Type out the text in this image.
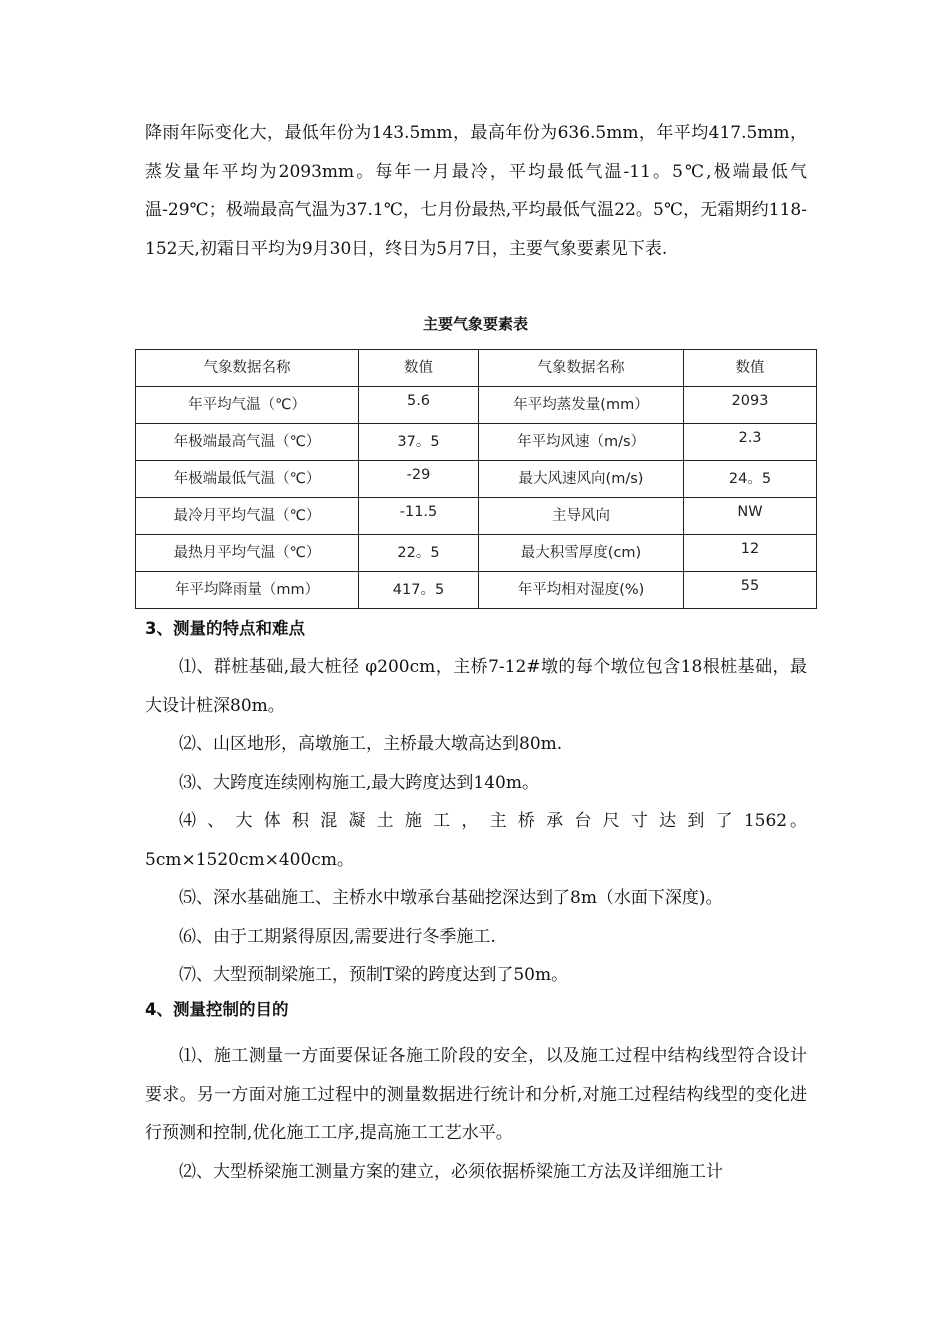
降雨年际变化大，最低年份为143.5mm，最高年份为636.5mm，年平均417.5mm，蒸发量年平均为2093mm。每年一月最冷，平均最低气温-11。5℃,极端最低气温-29℃；极端最高气温为37.1℃，七月份最热,平均最低气温22。5℃，无霜期约118-152天,初霜日平均为9月30日，终日为5月7日，主要气象要素见下表.

主要气象要素表
气象数据名称	数值	气象数据名称	数值
年平均气温（℃）	5.6	年平均蒸发量(mm）	2093
年极端最高气温（℃）	37。5	年平均风速（m/s）	2.3
年极端最低气温（℃）	-29	最大风速风向(m/s)	24。5
最冷月平均气温（℃）	-11.5	主导风向	NW
最热月平均气温（℃）	22。5	最大积雪厚度(cm)	12
年平均降雨量（mm）	417。5	年平均相对湿度(%)	55
3、测量的特点和难点

⑴、群桩基础,最大桩径 φ200cm，主桥7-12#墩的每个墩位包含18根桩基础，最大设计桩深80m。

⑵、山区地形，高墩施工，主桥最大墩高达到80m.

⑶、大跨度连续刚构施工,最大跨度达到140m。

⑷ 、 大 体 积 混 凝 土 施 工 ， 主 桥 承 台 尺 寸 达 到 了 1562。5cm×1520cm×400cm。

⑸、深水基础施工、主桥水中墩承台基础挖深达到了8m（水面下深度)。

⑹、由于工期紧得原因,需要进行冬季施工.

⑺、大型预制梁施工，预制T梁的跨度达到了50m。

4、测量控制的目的

⑴、施工测量一方面要保证各施工阶段的安全，以及施工过程中结构线型符合设计要求。另一方面对施工过程中的测量数据进行统计和分析,对施工过程结构线型的变化进行预测和控制,优化施工工序,提高施工工艺水平。

⑵、大型桥梁施工测量方案的建立，必须依据桥梁施工方法及详细施工计
